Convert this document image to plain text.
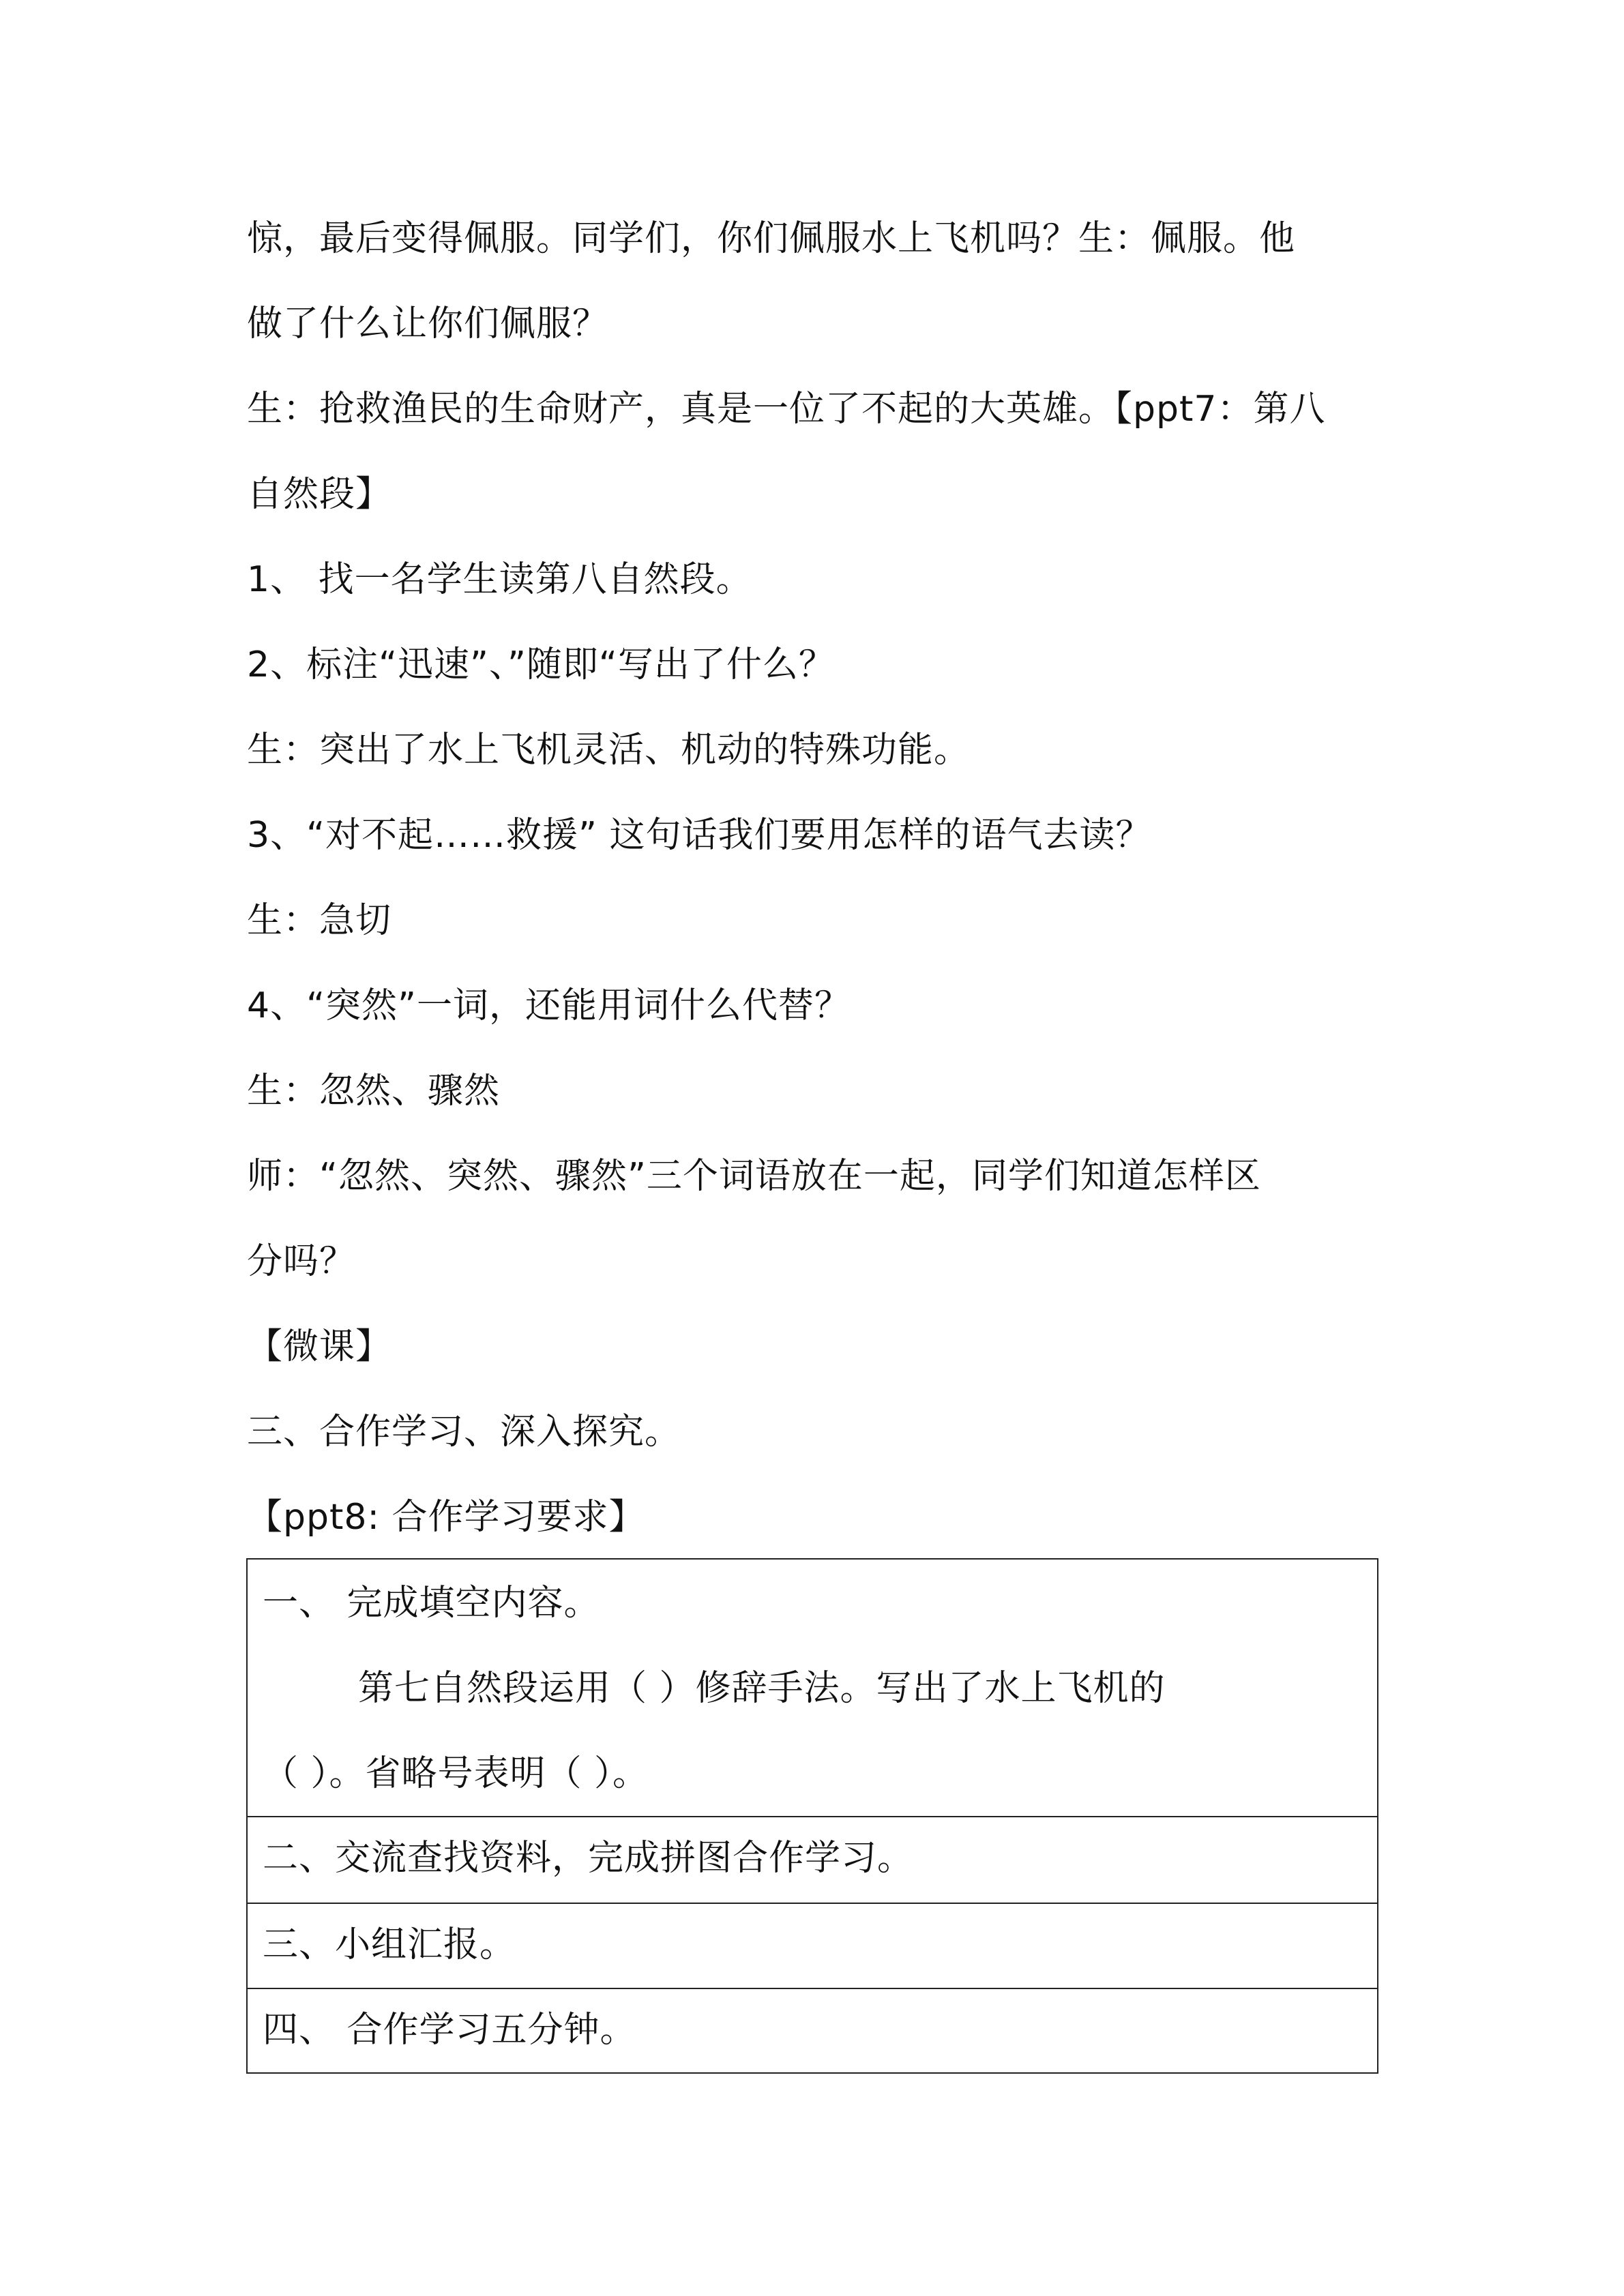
惊，最后变得佩服。同学们，你们佩服水上飞机吗？生：佩服。他
做了什么让你们佩服？
生：抢救渔民的生命财产，真是一位了不起的大英雄。【ppt7：第八
自然段】
1、 找一名学生读第八自然段。
2、标注“迅速”、”随即“写出了什么？
生：突出了水上飞机灵活、机动的特殊功能。
3、“对不起……救援” 这句话我们要用怎样的语气去读？
生：急切
4、“突然”一词，还能用词什么代替？
生：忽然、骤然
师：“忽然、突然、骤然”三个词语放在一起，同学们知道怎样区
分吗？
【微课】
三、合作学习、深入探究。
【ppt8: 合作学习要求】
一、 完成填空内容。
第七自然段运用（ ）修辞手法。写出了水上飞机的
（ ）。省略号表明（ ）。
二、交流查找资料，完成拼图合作学习。
三、小组汇报。
四、 合作学习五分钟。
